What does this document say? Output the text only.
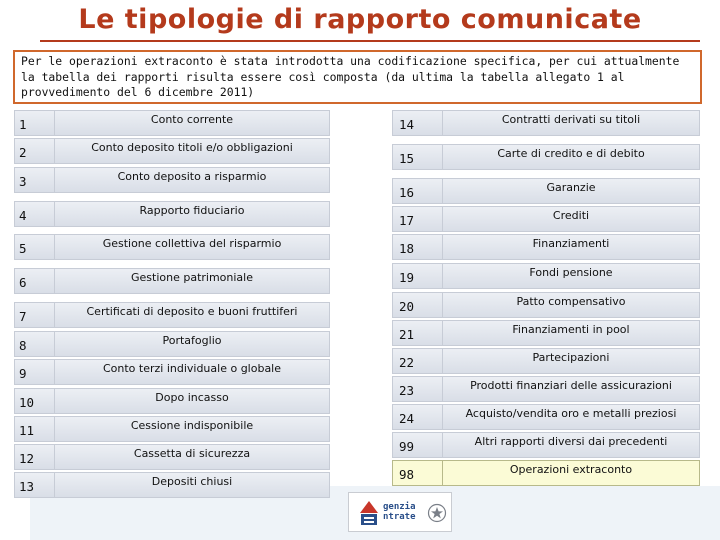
Le tipologie di rapporto comunicate
Per le operazioni extraconto è stata introdotta una codificazione specifica, per cui attualmente la tabella dei rapporti risulta essere così composta (da ultima la tabella allegato 1 al provvedimento del 6 dicembre 2011)
1	Conto corrente
2	Conto deposito titoli e/o obbligazioni
3	Conto deposito a risparmio
4	Rapporto fiduciario
5	Gestione collettiva del risparmio
6	Gestione patrimoniale
7	Certificati di deposito e buoni fruttiferi
8	Portafoglio
9	Conto terzi individuale o globale
10	Dopo incasso
11	Cessione indisponibile
12	Cassetta di sicurezza
13	Depositi chiusi
14	Contratti derivati su titoli
15	Carte di credito e di debito
16	Garanzie
17	Crediti
18	Finanziamenti
19	Fondi pensione
20	Patto compensativo
21	Finanziamenti in pool
22	Partecipazioni
23	Prodotti finanziari delle assicurazioni
24	Acquisto/vendita oro e metalli preziosi
99	Altri rapporti diversi dai precedenti
98	Operazioni extraconto
genzia
ntrate
